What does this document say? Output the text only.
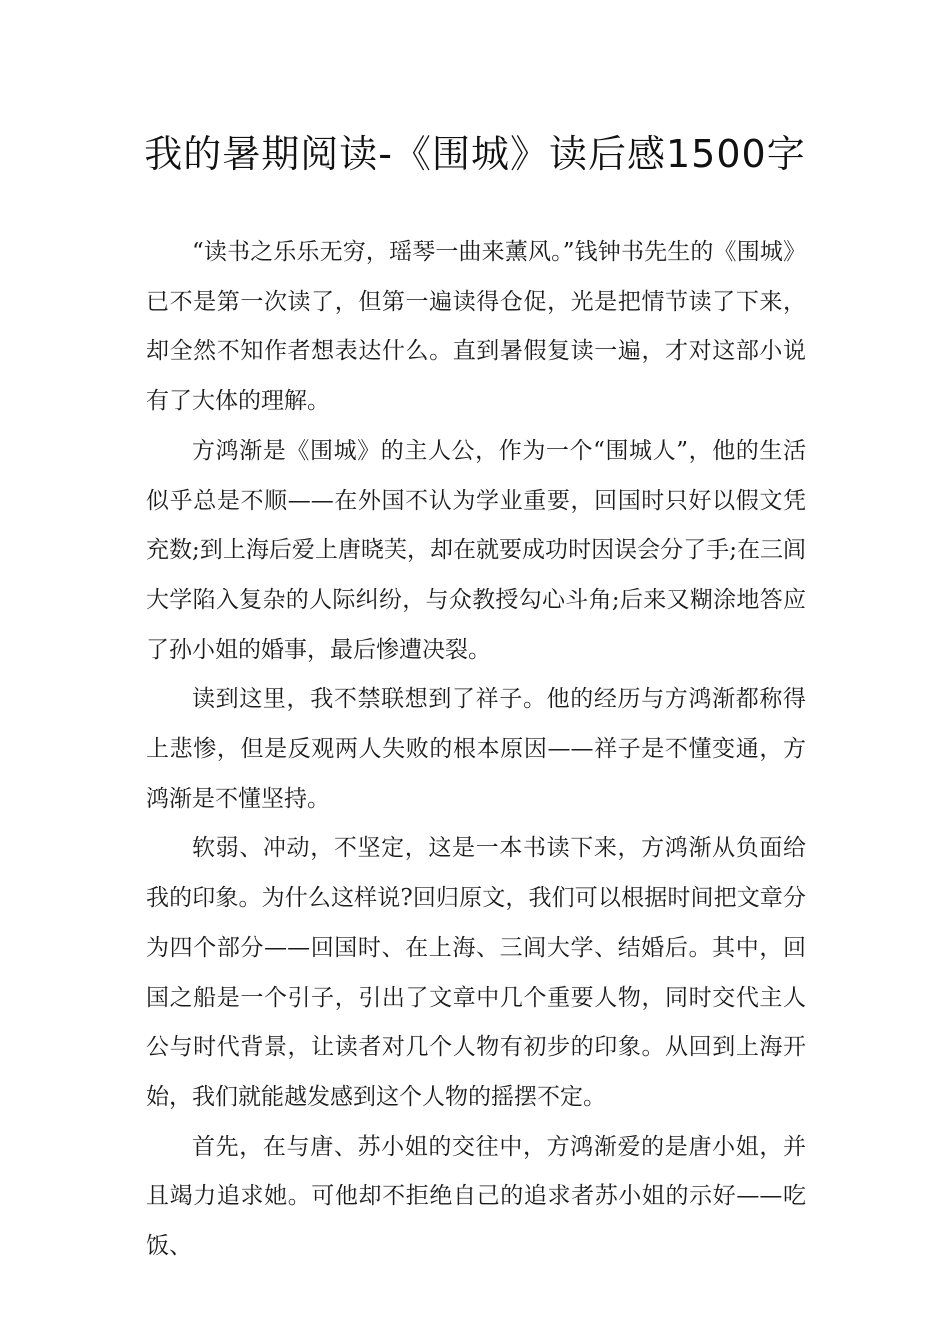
我的暑期阅读-《围城》读后感1500字

“读书之乐乐无穷，瑶琴一曲来薰风。”钱钟书先生的《围城》已不是第一次读了，但第一遍读得仓促，光是把情节读了下来，却全然不知作者想表达什么。直到暑假复读一遍，才对这部小说有了大体的理解。

方鸿渐是《围城》的主人公，作为一个“围城人”，他的生活似乎总是不顺——在外国不认为学业重要，回国时只好以假文凭充数;到上海后爱上唐晓芙，却在就要成功时因误会分了手;在三闾大学陷入复杂的人际纠纷，与众教授勾心斗角;后来又糊涂地答应了孙小姐的婚事，最后惨遭决裂。

读到这里，我不禁联想到了祥子。他的经历与方鸿渐都称得上悲惨，但是反观两人失败的根本原因——祥子是不懂变通，方鸿渐是不懂坚持。

软弱、冲动，不坚定，这是一本书读下来，方鸿渐从负面给我的印象。为什么这样说?回归原文，我们可以根据时间把文章分为四个部分——回国时、在上海、三闾大学、结婚后。其中，回国之船是一个引子，引出了文章中几个重要人物，同时交代主人公与时代背景，让读者对几个人物有初步的印象。从回到上海开始，我们就能越发感到这个人物的摇摆不定。

首先，在与唐、苏小姐的交往中，方鸿渐爱的是唐小姐，并且竭力追求她。可他却不拒绝自己的追求者苏小姐的示好——吃饭、
